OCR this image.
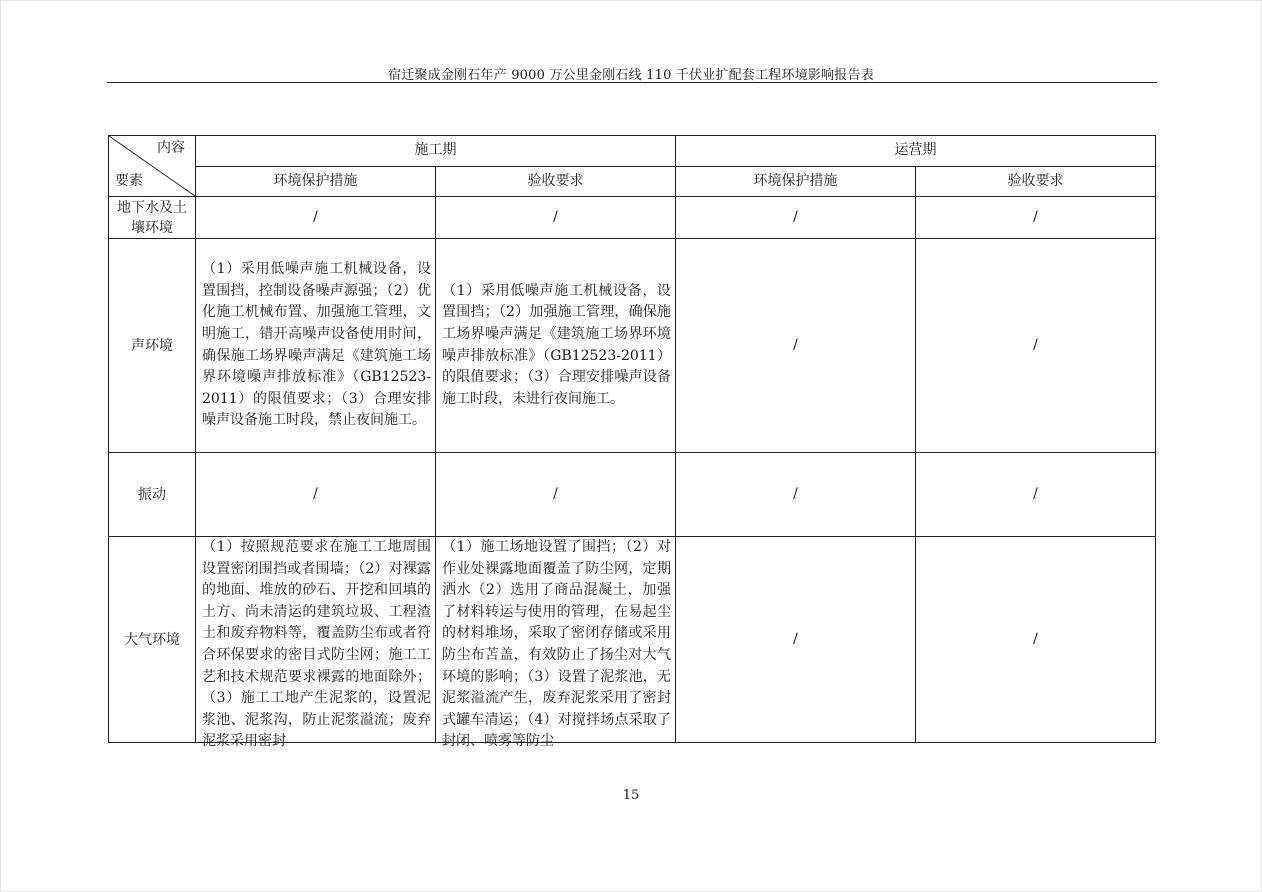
宿迁聚成金刚石年产 9000 万公里金刚石线 110 千伏业扩配套工程环境影响报告表
内容
要素	施工期		运营期	
	环境保护措施	验收要求	环境保护措施	验收要求

地下水及土壤环境	/	/	/	/
声环境	（1）采用低噪声施工机械设备，设置围挡，控制设备噪声源强；（2）优化施工机械布置、加强施工管理，文明施工，错开高噪声设备使用时间，确保施工场界噪声满足《建筑施工场界环境噪声排放标准》（GB12523-2011）的限值要求；（3）合理安排噪声设备施工时段，禁止夜间施工。	（1）采用低噪声施工机械设备，设置围挡；（2）加强施工管理，确保施工场界噪声满足《建筑施工场界环境噪声排放标准》（GB12523-2011）的限值要求；（3）合理安排噪声设备施工时段，未进行夜间施工。	/	/
振动	/	/	/	/
大气环境	（1）按照规范要求在施工工地周围设置密闭围挡或者围墙；（2）对裸露的地面、堆放的砂石、开挖和回填的土方、尚未清运的建筑垃圾、工程渣土和废弃物料等，覆盖防尘布或者符合环保要求的密目式防尘网；施工工艺和技术规范要求裸露的地面除外；（3）施工工地产生泥浆的，设置泥浆池、泥浆沟，防止泥浆溢流；废弃泥浆采用密封	（1）施工场地设置了围挡；（2）对作业处裸露地面覆盖了防尘网，定期洒水（2）选用了商品混凝土，加强了材料转运与使用的管理，在易起尘的材料堆场，采取了密闭存储或采用防尘布苫盖，有效防止了扬尘对大气环境的影响；（3）设置了泥浆池，无泥浆溢流产生，废弃泥浆采用了密封式罐车清运；（4）对搅拌场点采取了封闭、喷雾等防尘	/	/
15
